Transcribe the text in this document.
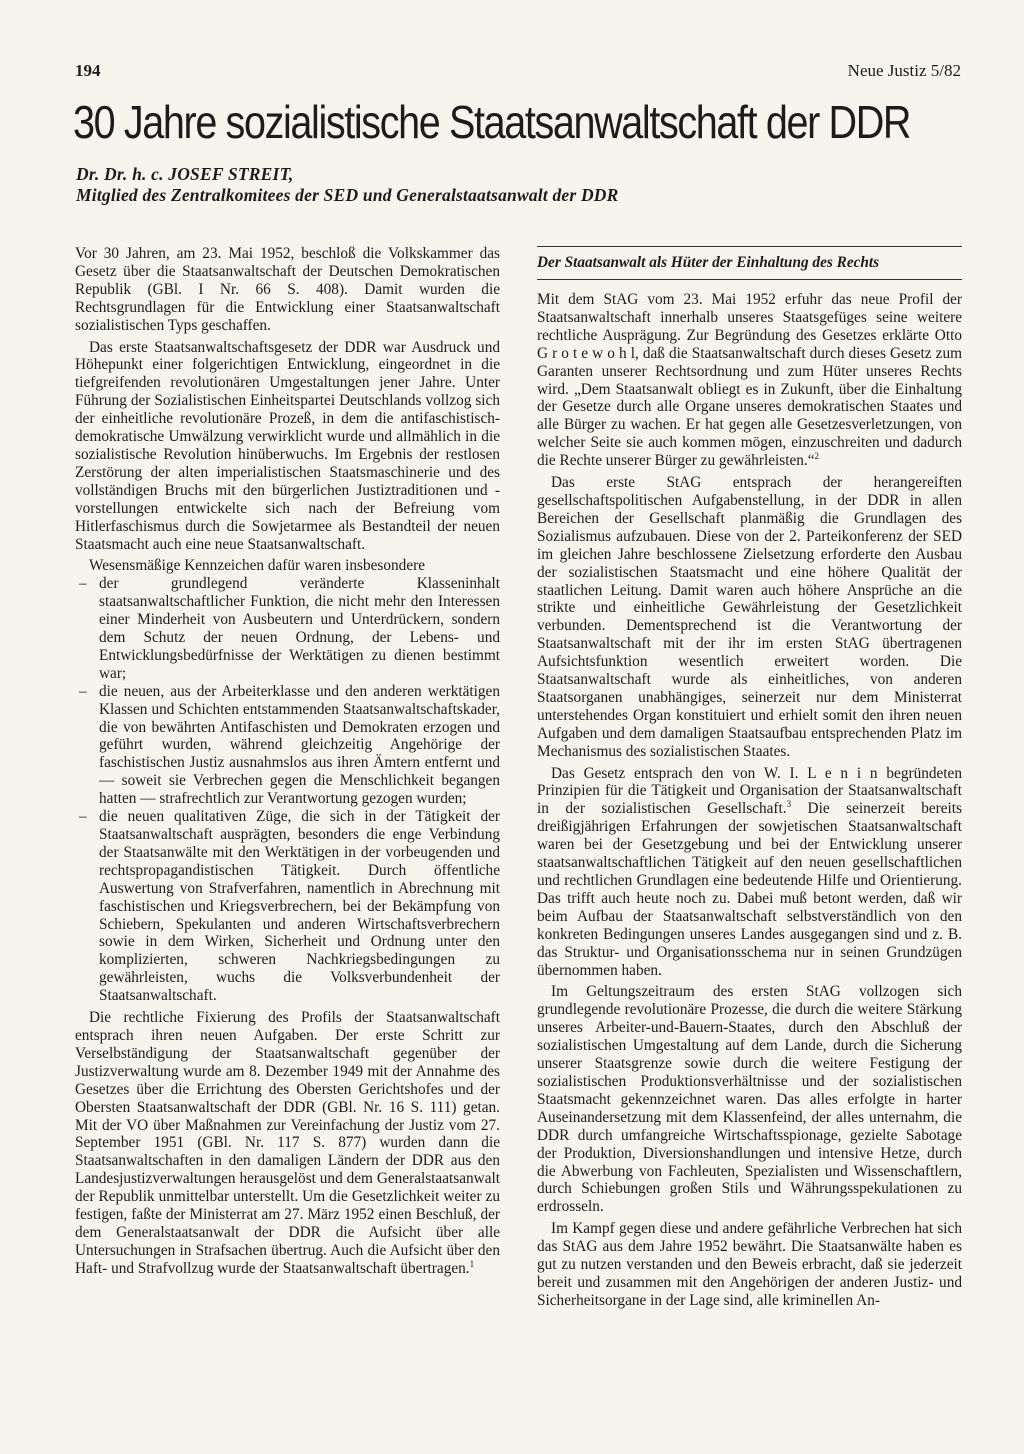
194	Neue Justiz 5/82
30 Jahre sozialistische Staatsanwaltschaft der DDR
Dr. Dr. h. c. JOSEF STREIT,
Mitglied des Zentralkomitees der SED und Generalstaatsanwalt der DDR

Vor 30 Jahren, am 23. Mai 1952, beschloß die Volkskammer das Gesetz über die Staatsanwaltschaft der Deutschen Demokratischen Republik (GBl. I Nr. 66 S. 408). Damit wurden die Rechtsgrundlagen für die Entwicklung einer Staatsanwaltschaft sozialistischen Typs geschaffen.

Das erste Staatsanwaltschaftsgesetz der DDR war Ausdruck und Höhepunkt einer folgerichtigen Entwicklung, eingeordnet in die tiefgreifenden revolutionären Umgestaltungen jener Jahre. Unter Führung der Sozialistischen Einheitspartei Deutschlands vollzog sich der einheitliche revolutionäre Prozeß, in dem die antifaschistisch-demokratische Umwälzung verwirklicht wurde und allmählich in die sozialistische Revolution hinüberwuchs. Im Ergebnis der restlosen Zerstörung der alten imperialistischen Staatsmaschinerie und des vollständigen Bruchs mit den bürgerlichen Justiztraditionen und -vorstellungen entwickelte sich nach der Befreiung vom Hitlerfaschismus durch die Sowjetarmee als Bestandteil der neuen Staatsmacht auch eine neue Staatsanwaltschaft.

Wesensmäßige Kennzeichen dafür waren insbesondere

– der grundlegend veränderte Klasseninhalt staatsanwaltschaftlicher Funktion, die nicht mehr den Interessen einer Minderheit von Ausbeutern und Unterdrückern, sondern dem Schutz der neuen Ordnung, der Lebens- und Entwicklungsbedürfnisse der Werktätigen zu dienen bestimmt war;
– die neuen, aus der Arbeiterklasse und den anderen werktätigen Klassen und Schichten entstammenden Staatsanwaltschaftskader, die von bewährten Antifaschisten und Demokraten erzogen und geführt wurden, während gleichzeitig Angehörige der faschistischen Justiz ausnahmslos aus ihren Ämtern entfernt und — soweit sie Verbrechen gegen die Menschlichkeit begangen hatten — strafrechtlich zur Verantwortung gezogen wurden;
– die neuen qualitativen Züge, die sich in der Tätigkeit der Staatsanwaltschaft ausprägten, besonders die enge Verbindung der Staatsanwälte mit den Werktätigen in der vorbeugenden und rechtspropagandistischen Tätigkeit. Durch öffentliche Auswertung von Strafverfahren, namentlich in Abrechnung mit faschistischen und Kriegsverbrechern, bei der Bekämpfung von Schiebern, Spekulanten und anderen Wirtschaftsverbrechern sowie in dem Wirken, Sicherheit und Ordnung unter den komplizierten, schweren Nachkriegsbedingungen zu gewährleisten, wuchs die Volksverbundenheit der Staatsanwaltschaft.

Die rechtliche Fixierung des Profils der Staatsanwaltschaft entsprach ihren neuen Aufgaben. Der erste Schritt zur Verselbständigung der Staatsanwaltschaft gegenüber der Justizverwaltung wurde am 8. Dezember 1949 mit der Annahme des Gesetzes über die Errichtung des Obersten Gerichtshofes und der Obersten Staatsanwaltschaft der DDR (GBl. Nr. 16 S. 111) getan. Mit der VO über Maßnahmen zur Vereinfachung der Justiz vom 27. September 1951 (GBl. Nr. 117 S. 877) wurden dann die Staatsanwaltschaften in den damaligen Ländern der DDR aus den Landesjustizverwaltungen herausgelöst und dem Generalstaatsanwalt der Republik unmittelbar unterstellt. Um die Gesetzlichkeit weiter zu festigen, faßte der Ministerrat am 27. März 1952 einen Beschluß, der dem Generalstaatsanwalt der DDR die Aufsicht über alle Untersuchungen in Strafsachen übertrug. Auch die Aufsicht über den Haft- und Strafvollzug wurde der Staatsanwaltschaft übertragen.$^1$

Der Staatsanwalt als Hüter der Einhaltung des Rechts

Mit dem StAG vom 23. Mai 1952 erfuhr das neue Profil der Staatsanwaltschaft innerhalb unseres Staatsgefüges seine weitere rechtliche Ausprägung. Zur Begründung des Gesetzes erklärte Otto G r o t e w o h l, daß die Staatsanwaltschaft durch dieses Gesetz zum Garanten unserer Rechtsordnung und zum Hüter unseres Rechts wird. „Dem Staatsanwalt obliegt es in Zukunft, über die Einhaltung der Gesetze durch alle Organe unseres demokratischen Staates und alle Bürger zu wachen. Er hat gegen alle Gesetzesverletzungen, von welcher Seite sie auch kommen mögen, einzuschreiten und dadurch die Rechte unserer Bürger zu gewährleisten.“$^2$

Das erste StAG entsprach der herangereiften gesellschaftspolitischen Aufgabenstellung, in der DDR in allen Bereichen der Gesellschaft planmäßig die Grundlagen des Sozialismus aufzubauen. Diese von der 2. Parteikonferenz der SED im gleichen Jahre beschlossene Zielsetzung erforderte den Ausbau der sozialistischen Staatsmacht und eine höhere Qualität der staatlichen Leitung. Damit waren auch höhere Ansprüche an die strikte und einheitliche Gewährleistung der Gesetzlichkeit verbunden. Dementsprechend ist die Verantwortung der Staatsanwaltschaft mit der ihr im ersten StAG übertragenen Aufsichtsfunktion wesentlich erweitert worden. Die Staatsanwaltschaft wurde als einheitliches, von anderen Staatsorganen unabhängiges, seinerzeit nur dem Ministerrat unterstehendes Organ konstituiert und erhielt somit den ihren neuen Aufgaben und dem damaligen Staatsaufbau entsprechenden Platz im Mechanismus des sozialistischen Staates.

Das Gesetz entsprach den von W. I. L e n i n begründeten Prinzipien für die Tätigkeit und Organisation der Staatsanwaltschaft in der sozialistischen Gesellschaft.$^3$ Die seinerzeit bereits dreißigjährigen Erfahrungen der sowjetischen Staatsanwaltschaft waren bei der Gesetzgebung und bei der Entwicklung unserer staatsanwaltschaftlichen Tätigkeit auf den neuen gesellschaftlichen und rechtlichen Grundlagen eine bedeutende Hilfe und Orientierung. Das trifft auch heute noch zu. Dabei muß betont werden, daß wir beim Aufbau der Staatsanwaltschaft selbstverständlich von den konkreten Bedingungen unseres Landes ausgegangen sind und z. B. das Struktur- und Organisationsschema nur in seinen Grundzügen übernommen haben.

Im Geltungszeitraum des ersten StAG vollzogen sich grundlegende revolutionäre Prozesse, die durch die weitere Stärkung unseres Arbeiter-und-Bauern-Staates, durch den Abschluß der sozialistischen Umgestaltung auf dem Lande, durch die Sicherung unserer Staatsgrenze sowie durch die weitere Festigung der sozialistischen Produktionsverhältnisse und der sozialistischen Staatsmacht gekennzeichnet waren. Das alles erfolgte in harter Auseinandersetzung mit dem Klassenfeind, der alles unternahm, die DDR durch umfangreiche Wirtschaftsspionage, gezielte Sabotage der Produktion, Diversionshandlungen und intensive Hetze, durch die Abwerbung von Fachleuten, Spezialisten und Wissenschaftlern, durch Schiebungen großen Stils und Währungsspekulationen zu erdrosseln.

Im Kampf gegen diese und andere gefährliche Verbrechen hat sich das StAG aus dem Jahre 1952 bewährt. Die Staatsanwälte haben es gut zu nutzen verstanden und den Beweis erbracht, daß sie jederzeit bereit und zusammen mit den Angehörigen der anderen Justiz- und Sicherheitsorgane in der Lage sind, alle kriminellen An-
